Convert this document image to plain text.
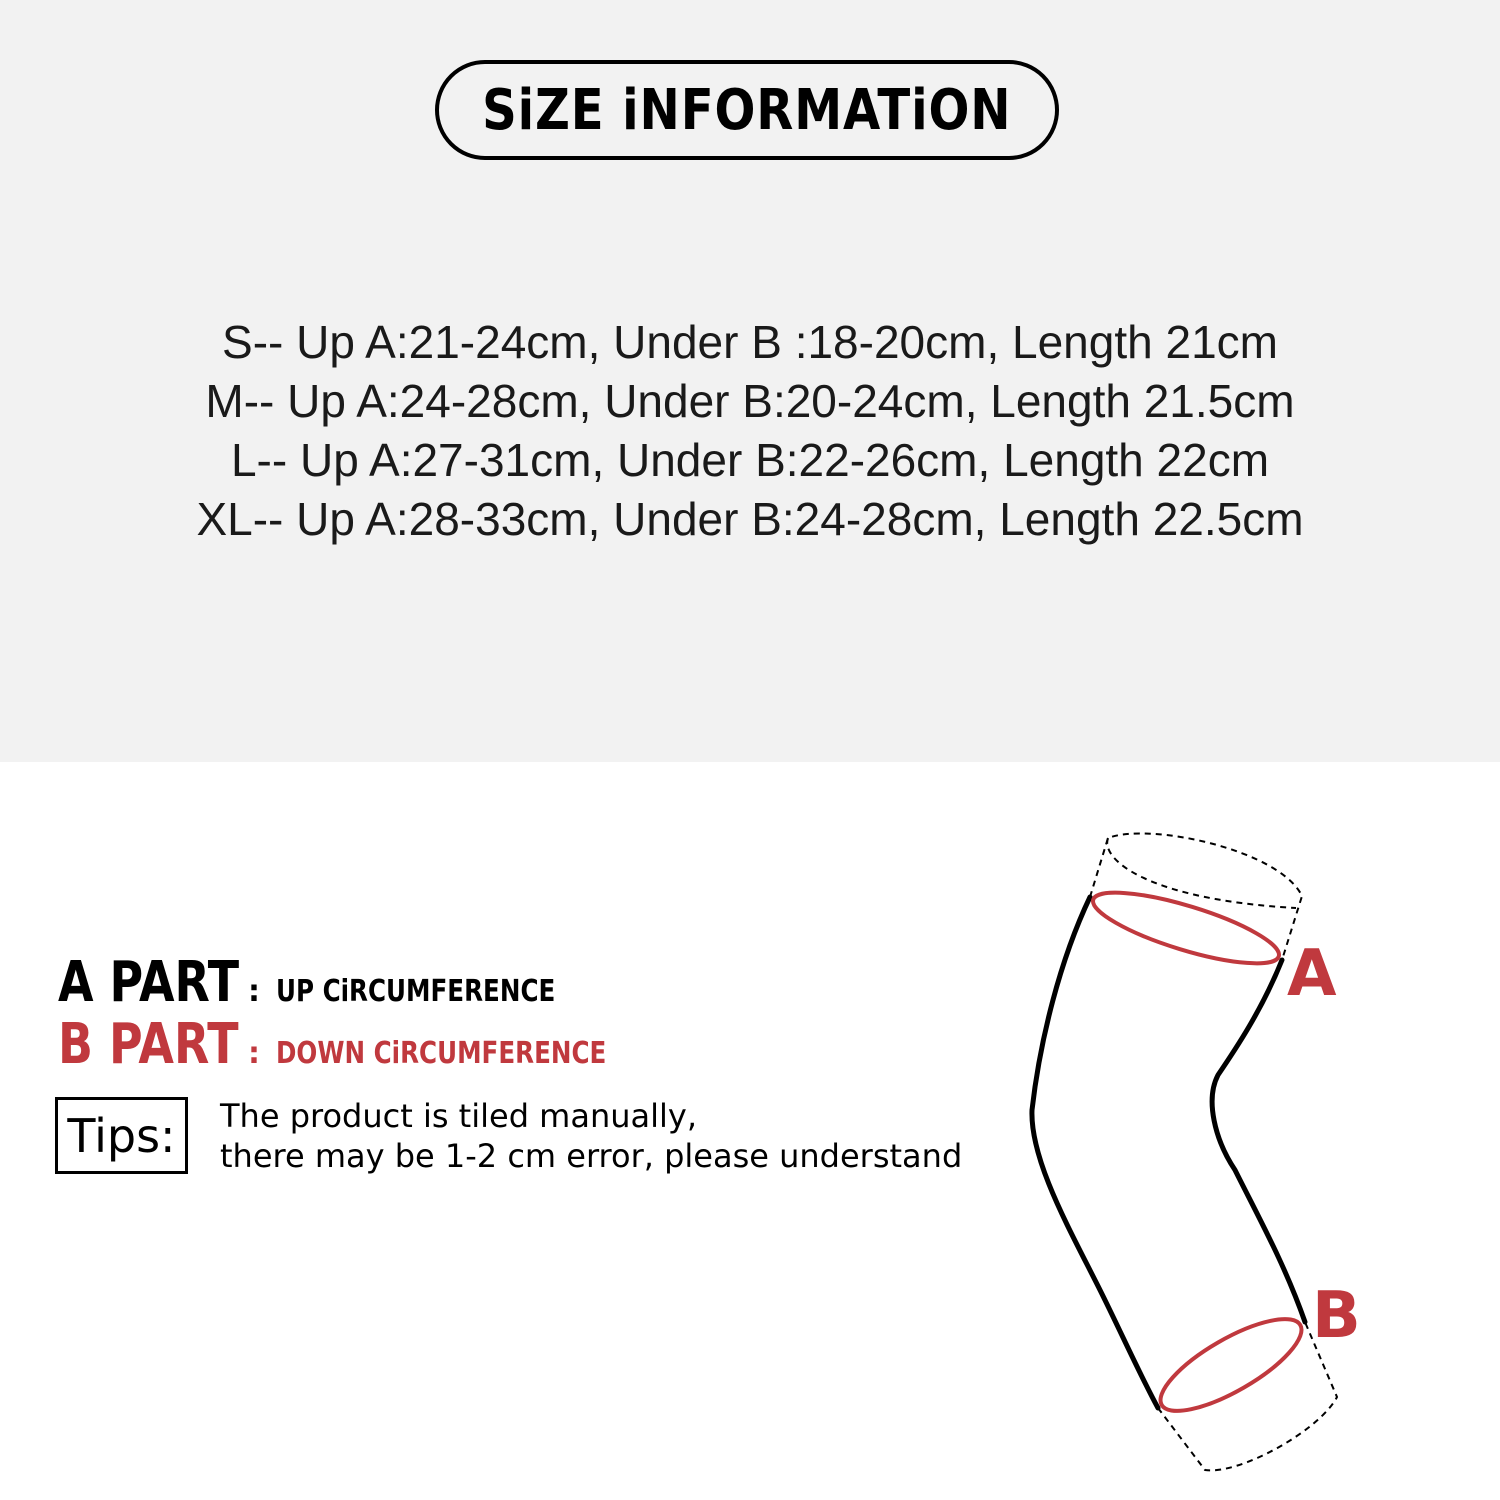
SiZE iNFORMATiON
S-- Up A:21-24cm, Under B :18-20cm, Length 21cm
M-- Up A:24-28cm, Under B:20-24cm, Length 21.5cm
L-- Up A:27-31cm, Under B:22-26cm, Length 22cm
XL-- Up A:28-33cm, Under B:24-28cm, Length 22.5cm
A PART : UP CiRCUMFERENCE
B PART : DOWN CiRCUMFERENCE
Tips: The product is tiled manually,
there may be 1-2 cm error, please understand
A
B
